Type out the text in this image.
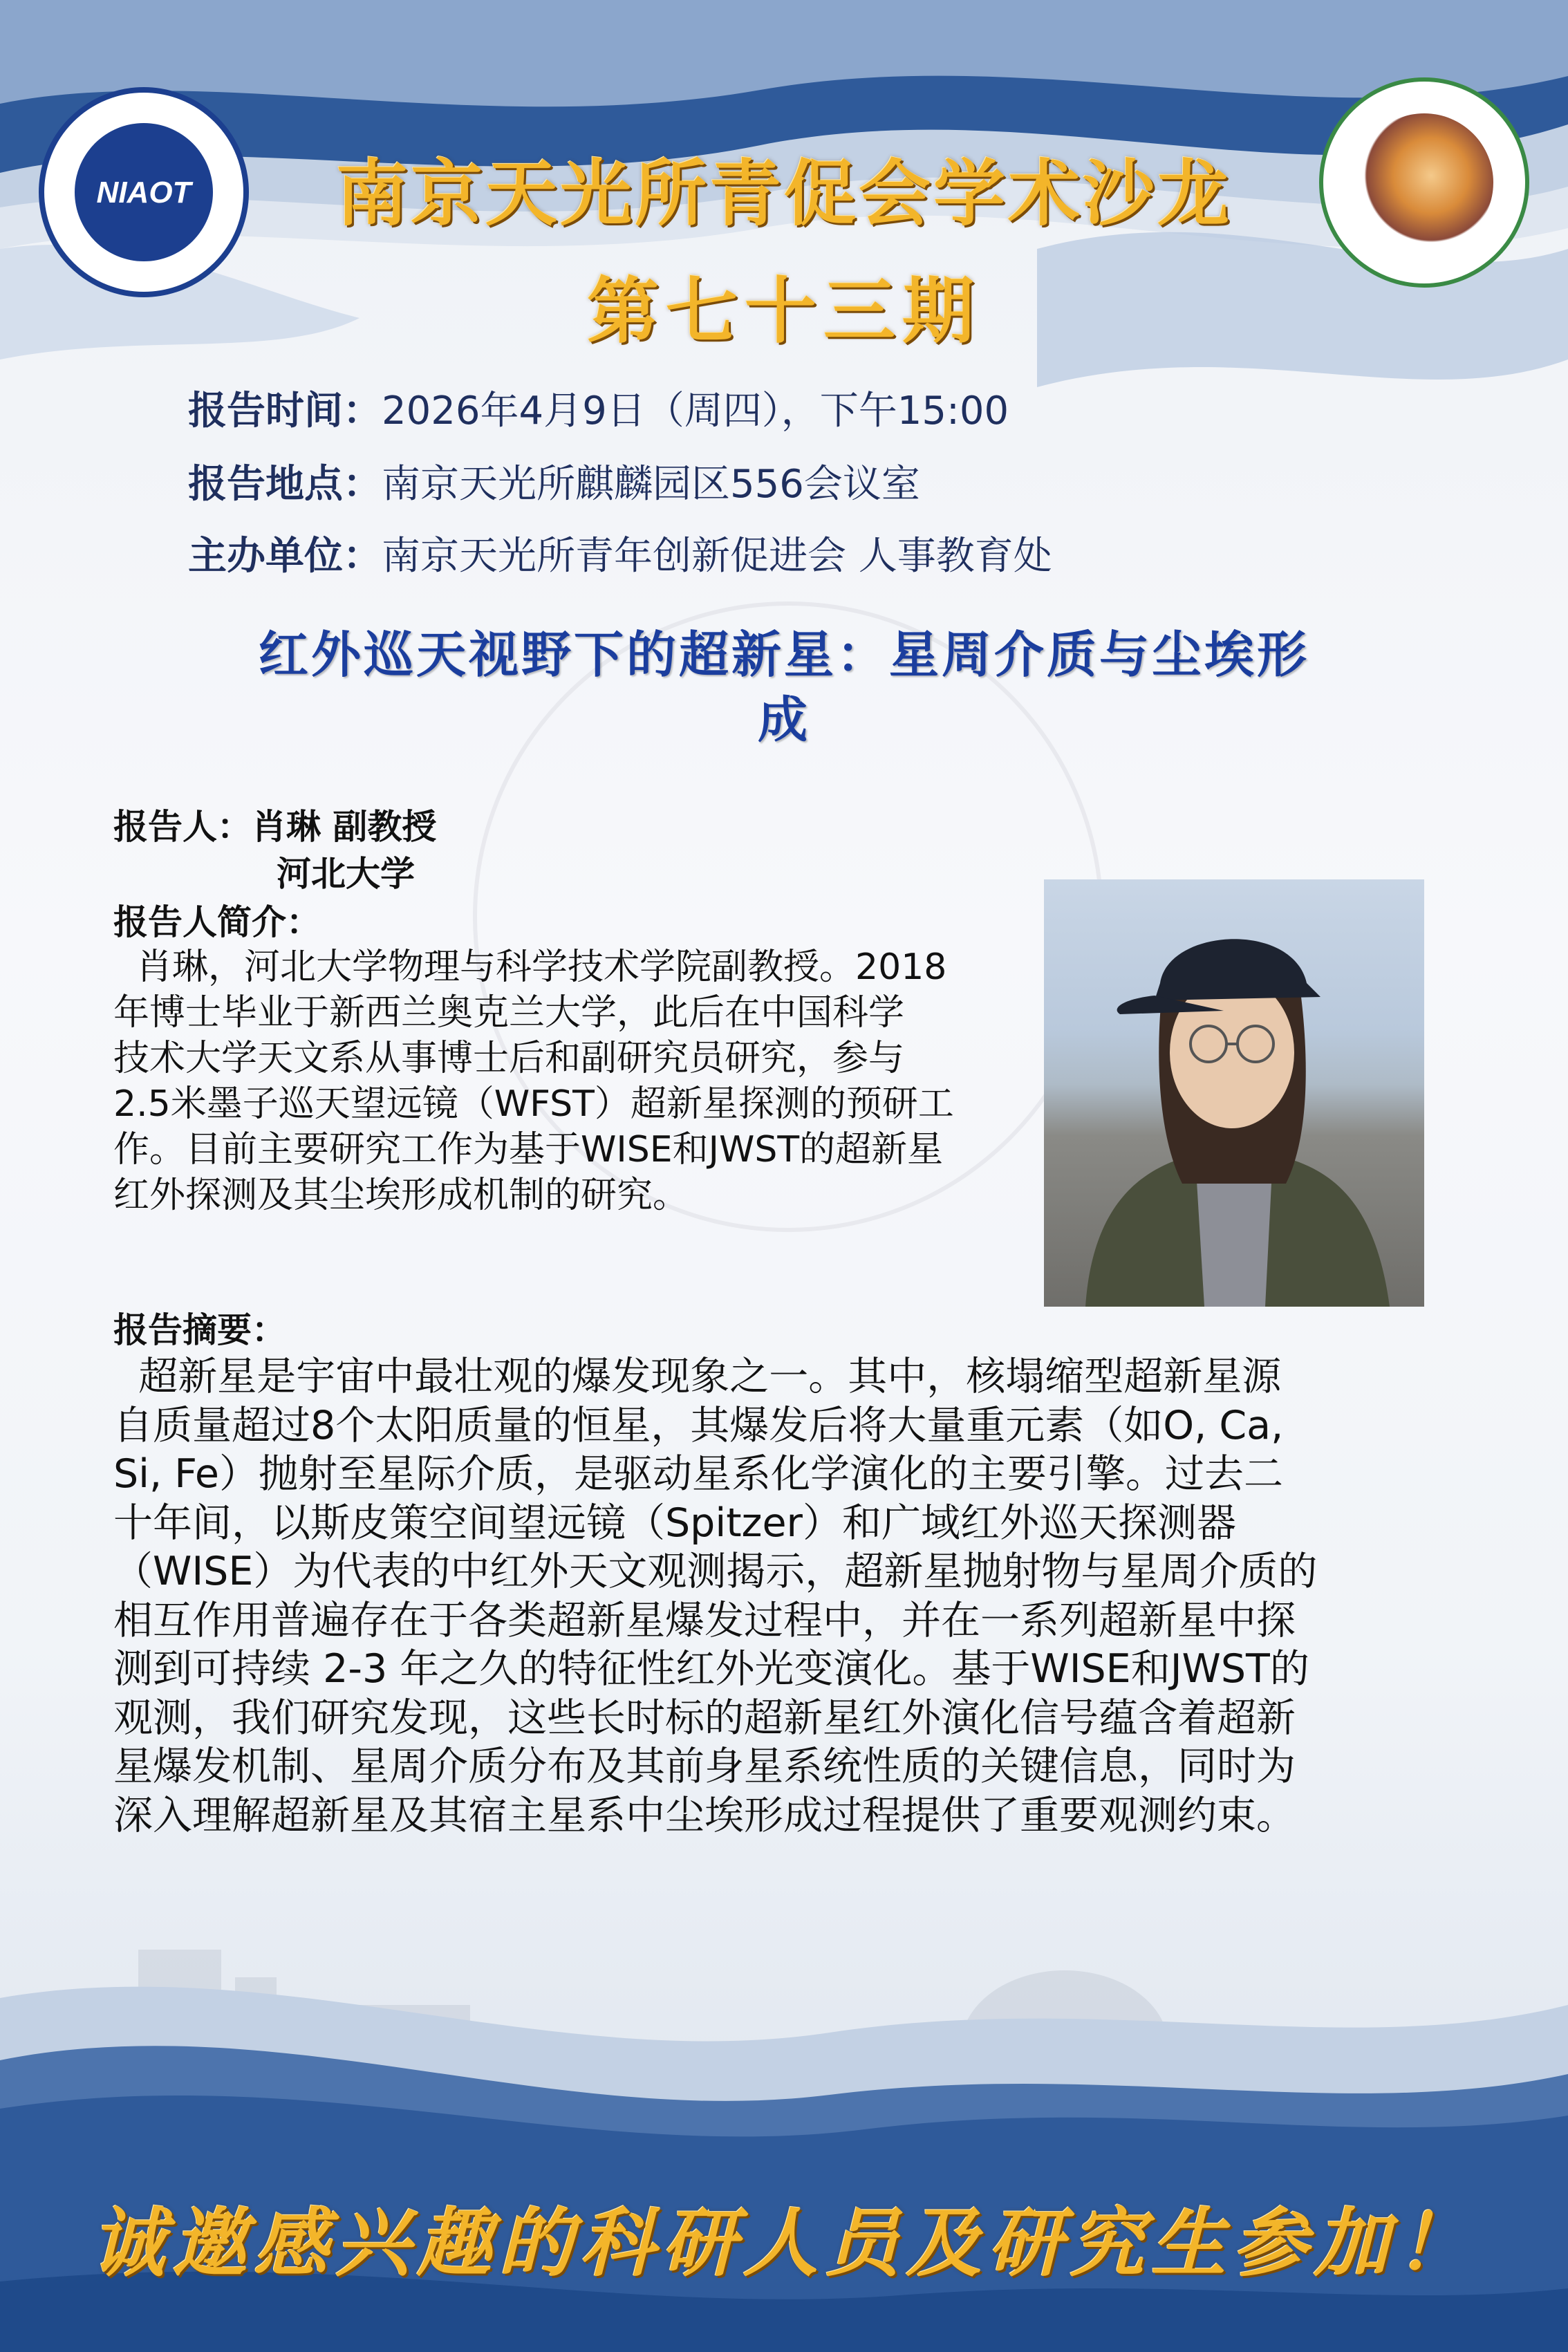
NIAOT	南京天光所青促会学术沙龙
第七十三期
报告时间：2026年4月9日（周四），下午15:00
报告地点：南京天光所麒麟园区556会议室
主办单位：南京天光所青年创新促进会 人事教育处
红外巡天视野下的超新星：星周介质与尘埃形
成
报告人：肖琳 副教授
河北大学
报告人简介：
肖琳，河北大学物理与科学技术学院副教授。2018
年博士毕业于新西兰奥克兰大学，此后在中国科学
技术大学天文系从事博士后和副研究员研究，参与
2.5米墨子巡天望远镜（WFST）超新星探测的预研工
作。目前主要研究工作为基于WISE和JWST的超新星
红外探测及其尘埃形成机制的研究。
报告摘要：
超新星是宇宙中最壮观的爆发现象之一。其中，核塌缩型超新星源
自质量超过8个太阳质量的恒星，其爆发后将大量重元素（如O, Ca,
Si, Fe）抛射至星际介质，是驱动星系化学演化的主要引擎。过去二
十年间，以斯皮策空间望远镜（Spitzer）和广域红外巡天探测器
（WISE）为代表的中红外天文观测揭示，超新星抛射物与星周介质的
相互作用普遍存在于各类超新星爆发过程中，并在一系列超新星中探
测到可持续 2-3 年之久的特征性红外光变演化。基于WISE和JWST的
观测，我们研究发现，这些长时标的超新星红外演化信号蕴含着超新
星爆发机制、星周介质分布及其前身星系统性质的关键信息，同时为
深入理解超新星及其宿主星系中尘埃形成过程提供了重要观测约束。
诚邀感兴趣的科研人员及研究生参加！
